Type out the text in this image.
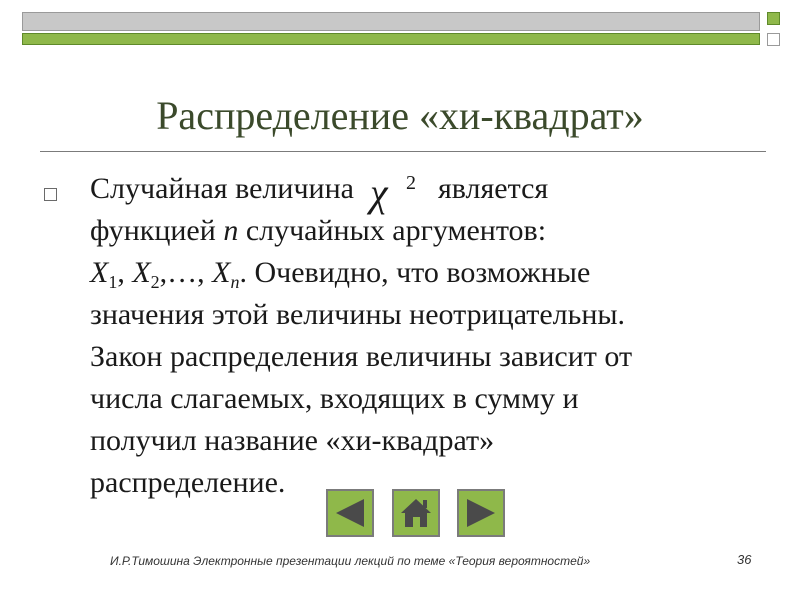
Распределение «хи-квадрат»
Случайная величина χ 2 является
функцией n случайных аргументов:
$X_1$, $X_2,\dots$, $X_n$. Очевидно, что возможные
значения этой величины неотрицательны.
Закон распределения величины зависит от
числа слагаемых, входящих в сумму и
получил название «хи-квадрат»
распределение.
И.Р.Тимошина Электронные презентации лекций по теме «Теория вероятностей»	36
